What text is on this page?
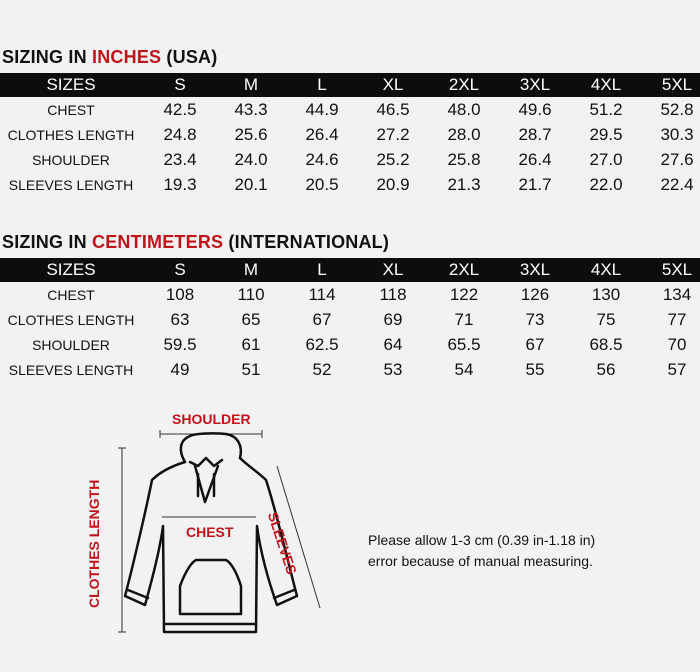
SIZING IN INCHES (USA)
SIZES	S	M	L	XL	2XL	3XL	4XL	5XL
CHEST	42.5	43.3	44.9	46.5	48.0	49.6	51.2	52.8
CLOTHES LENGTH	24.8	25.6	26.4	27.2	28.0	28.7	29.5	30.3
SHOULDER	23.4	24.0	24.6	25.2	25.8	26.4	27.0	27.6
SLEEVES LENGTH	19.3	20.1	20.5	20.9	21.3	21.7	22.0	22.4
SIZING IN CENTIMETERS (INTERNATIONAL)
SIZES	S	M	L	XL	2XL	3XL	4XL	5XL
CHEST	108	110	114	118	122	126	130	134
CLOTHES LENGTH	63	65	67	69	71	73	75	77
SHOULDER	59.5	61	62.5	64	65.5	67	68.5	70
SLEEVES LENGTH	49	51	52	53	54	55	56	57
SHOULDER
CHEST SLEEVES
CLOTHES LENGTH	Please allow 1-3 cm (0.39 in-1.18 in)
error because of manual measuring.
